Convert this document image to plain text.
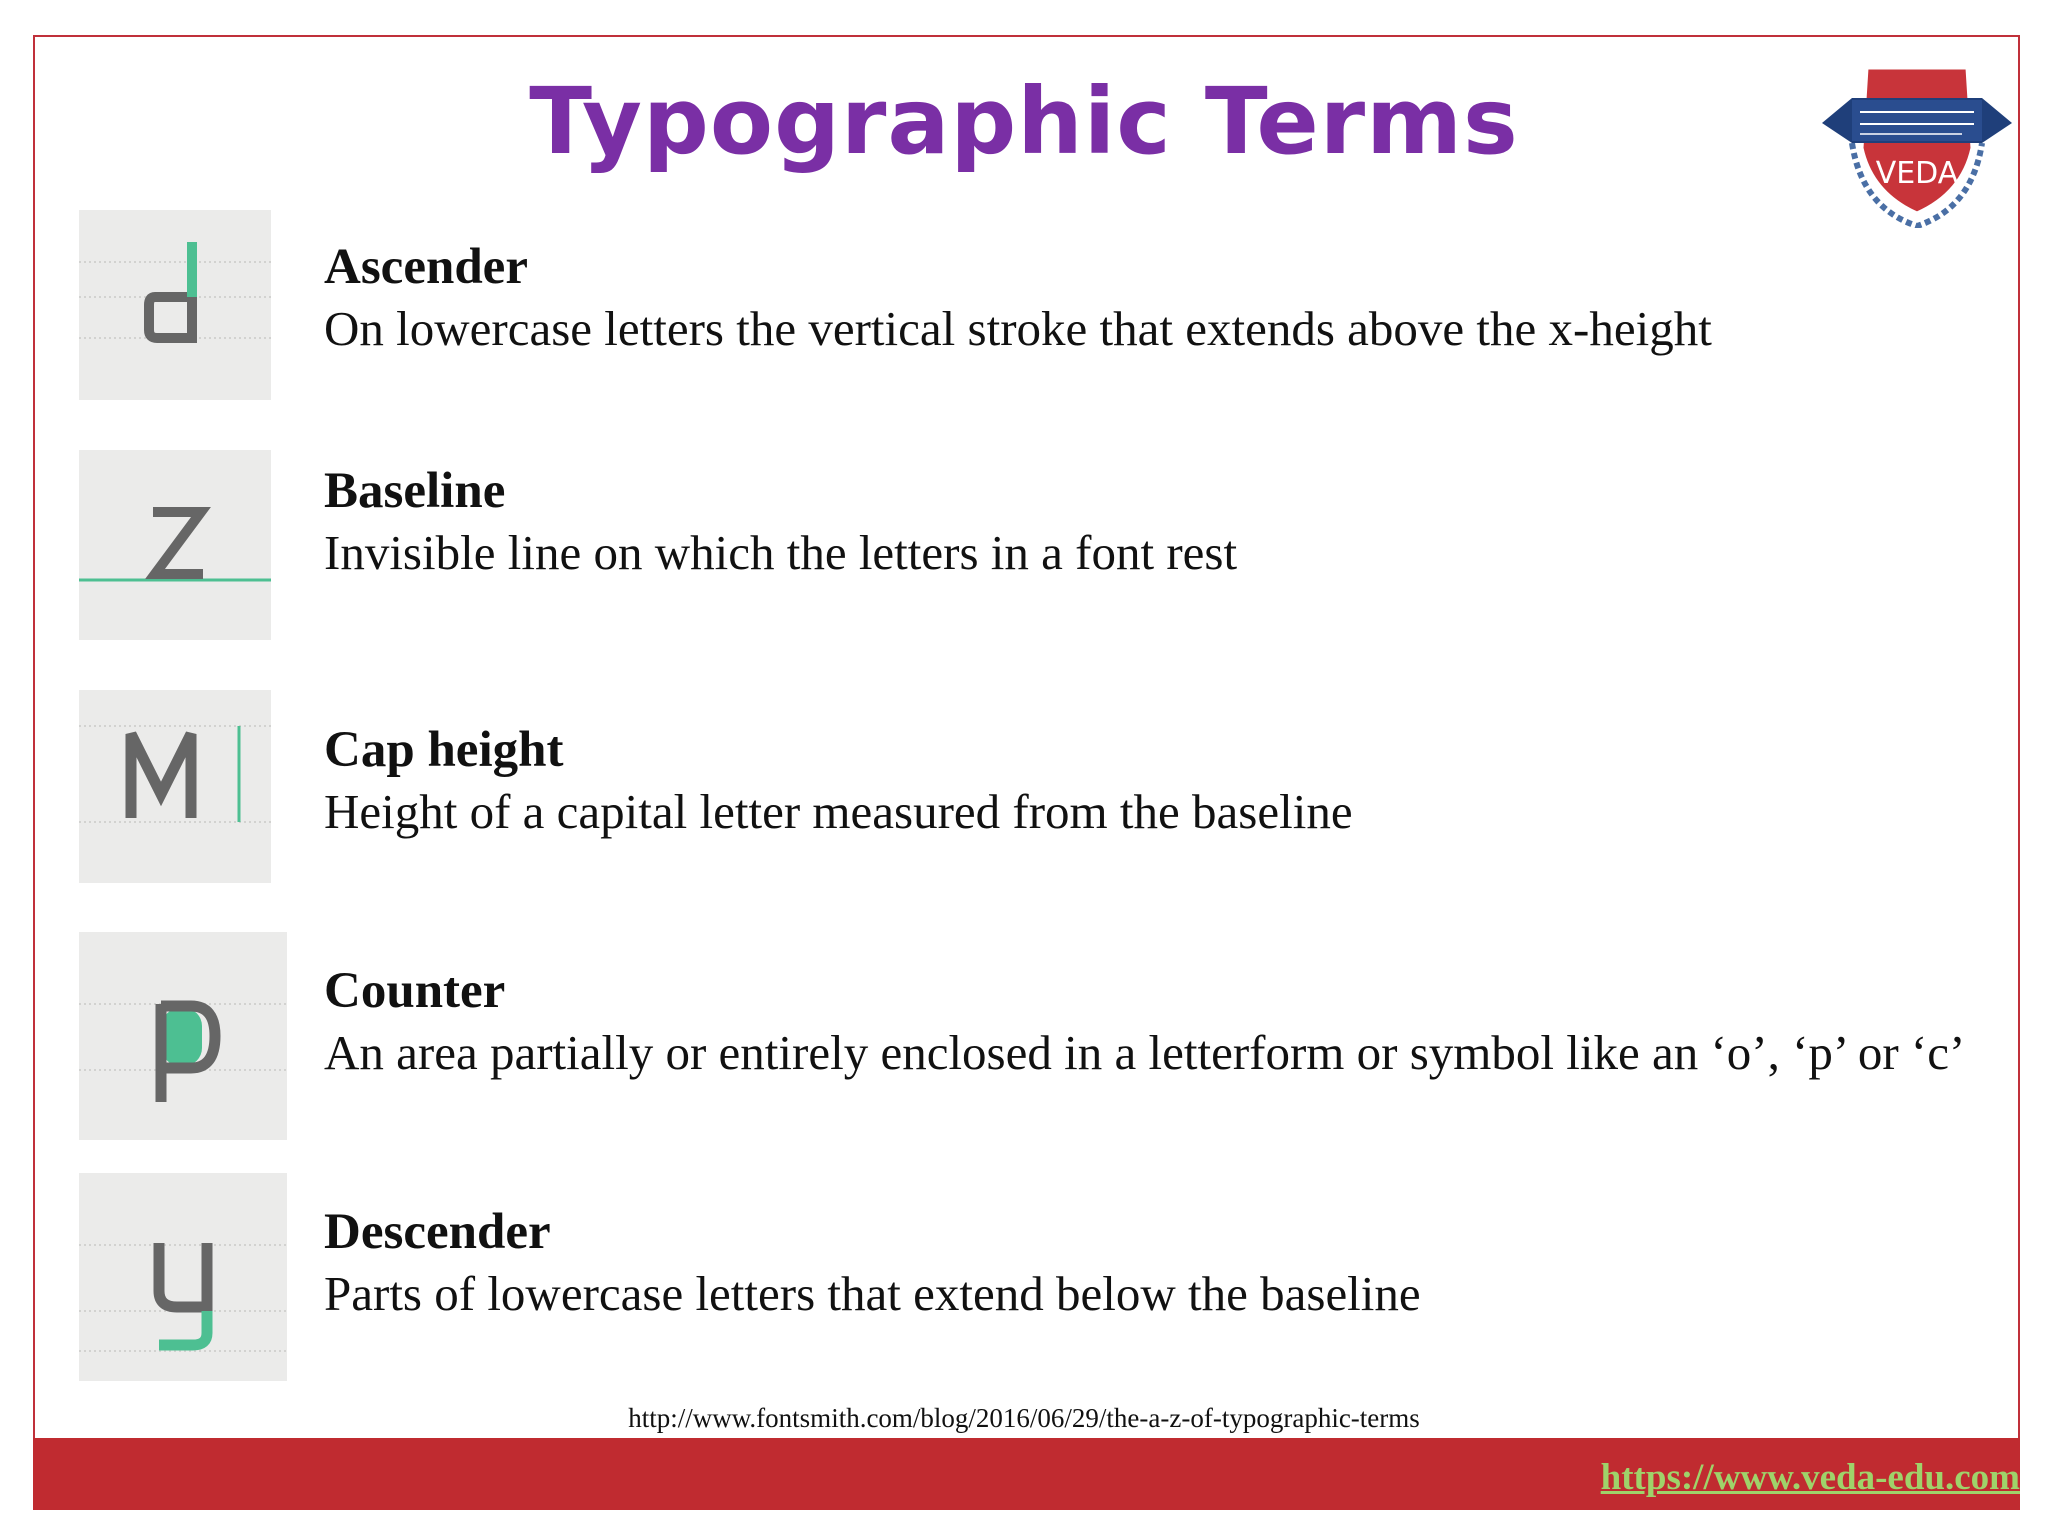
Typographic Terms	VEDA
Ascender
On lowercase letters the vertical stroke that extends above the x-height
Baseline
Invisible line on which the letters in a font rest
Cap height
Height of a capital letter measured from the baseline
Counter
An area partially or entirely enclosed in a letterform or symbol like an ‘o’, ‘p’ or ‘c’
Descender
Parts of lowercase letters that extend below the baseline
http://www.fontsmith.com/blog/2016/06/29/the-a-z-of-typographic-terms
https://www.veda-edu.com
